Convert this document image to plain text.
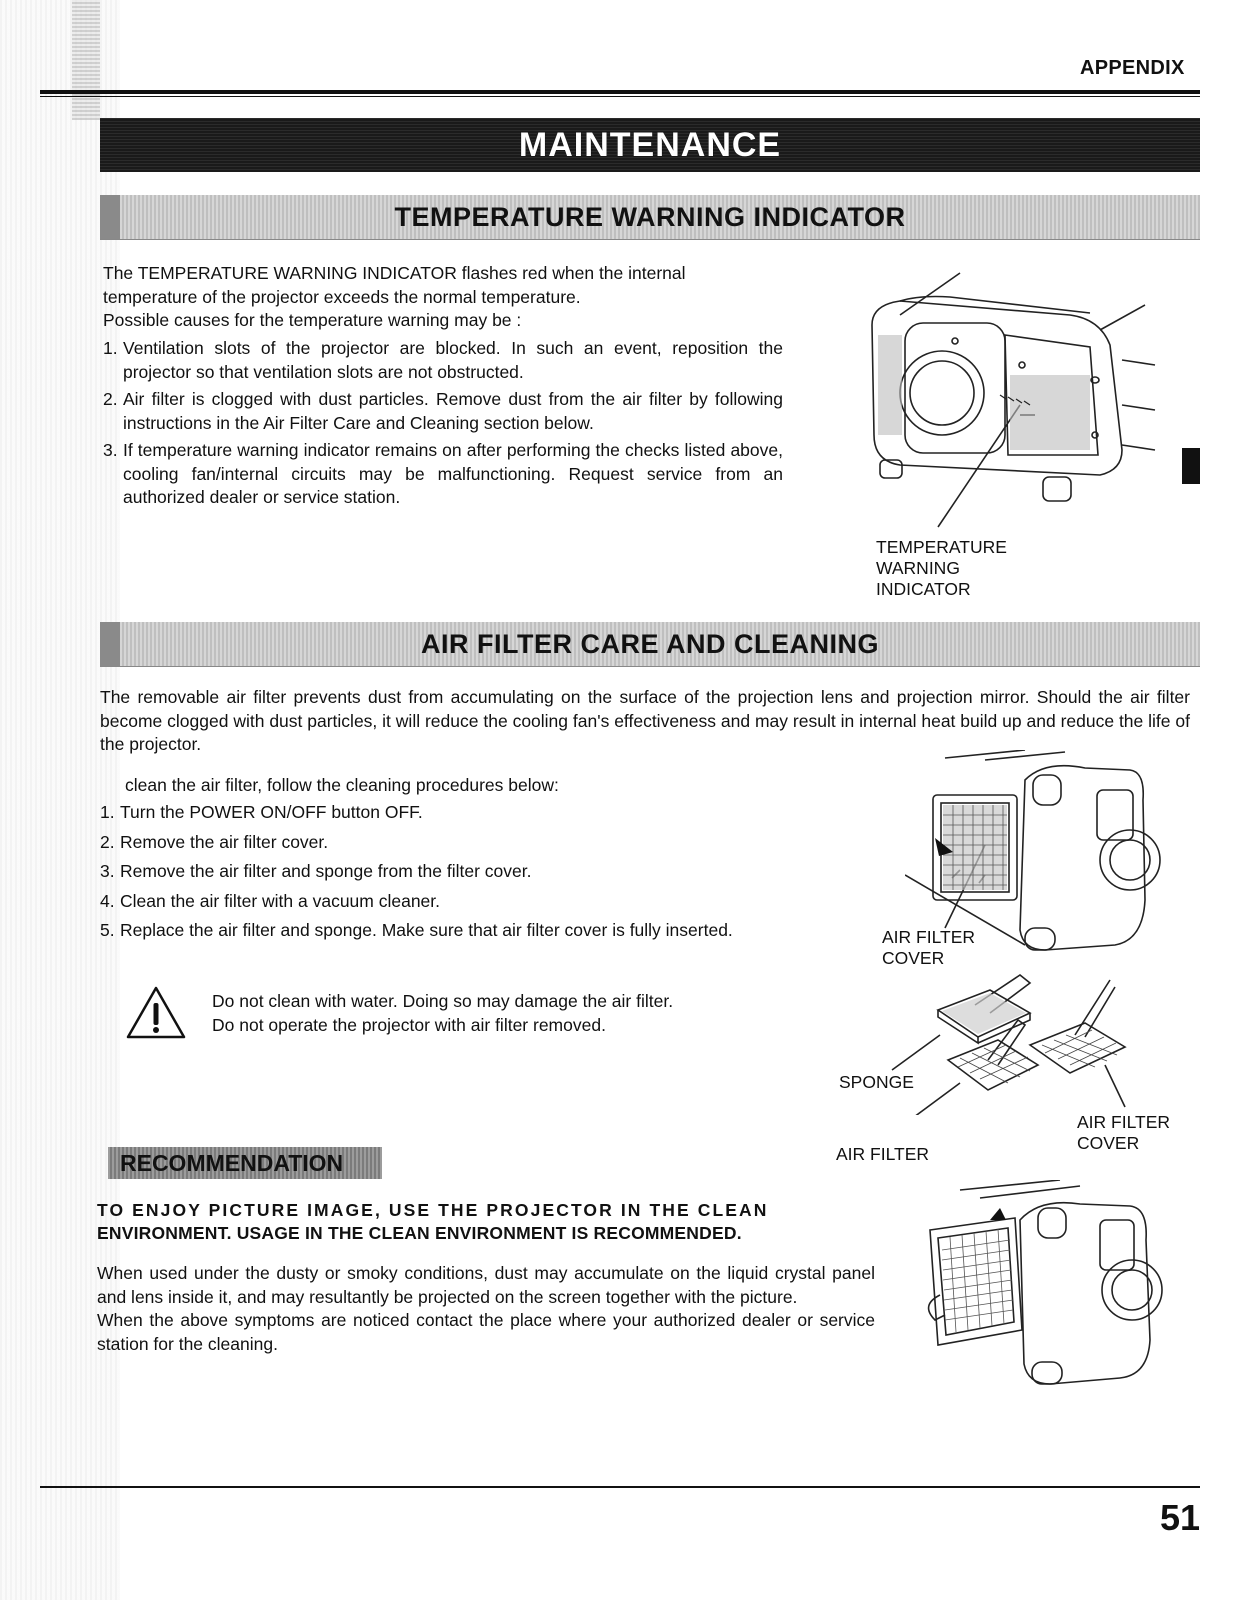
APPENDIX
MAINTENANCE
TEMPERATURE WARNING INDICATOR
The TEMPERATURE WARNING INDICATOR flashes red when the internal
temperature of the projector exceeds the normal temperature.
Possible causes for the temperature warning may be :
1. Ventilation slots of the projector are blocked. In such an event, reposition the projector so that ventilation slots are not obstructed.
2. Air filter is clogged with dust particles. Remove dust from the air filter by following instructions in the Air Filter Care and Cleaning section below.
3. If temperature warning indicator remains on after performing the checks listed above, cooling fan/internal circuits may be malfunctioning. Request service from an authorized dealer or service station.
TEMPERATURE
WARNING
INDICATOR
AIR FILTER CARE AND CLEANING
The removable air filter prevents dust from accumulating on the surface of the projection lens and projection mirror. Should the air filter become clogged with dust particles, it will reduce the cooling fan's effectiveness and may result in internal heat build up and reduce the life of the projector.
clean the air filter, follow the cleaning procedures below:
1. Turn the POWER ON/OFF button OFF.
2. Remove the air filter cover.
3. Remove the air filter and sponge from the filter cover.
4. Clean the air filter with a vacuum cleaner.
5. Replace the air filter and sponge. Make sure that air filter cover is fully inserted.
Do not clean with water. Doing so may damage the air filter.
Do not operate the projector with air filter removed.
AIR FILTER
COVER
SPONGE
AIR FILTER
AIR FILTER
COVER
RECOMMENDATION
TO ENJOY PICTURE IMAGE, USE THE PROJECTOR IN THE CLEAN
ENVIRONMENT. USAGE IN THE CLEAN ENVIRONMENT IS RECOMMENDED.
When used under the dusty or smoky conditions, dust may accumulate on the liquid crystal panel and lens inside it, and may resultantly be projected on the screen together with the picture.
When the above symptoms are noticed contact the place where your authorized dealer or service station for the cleaning.
51
